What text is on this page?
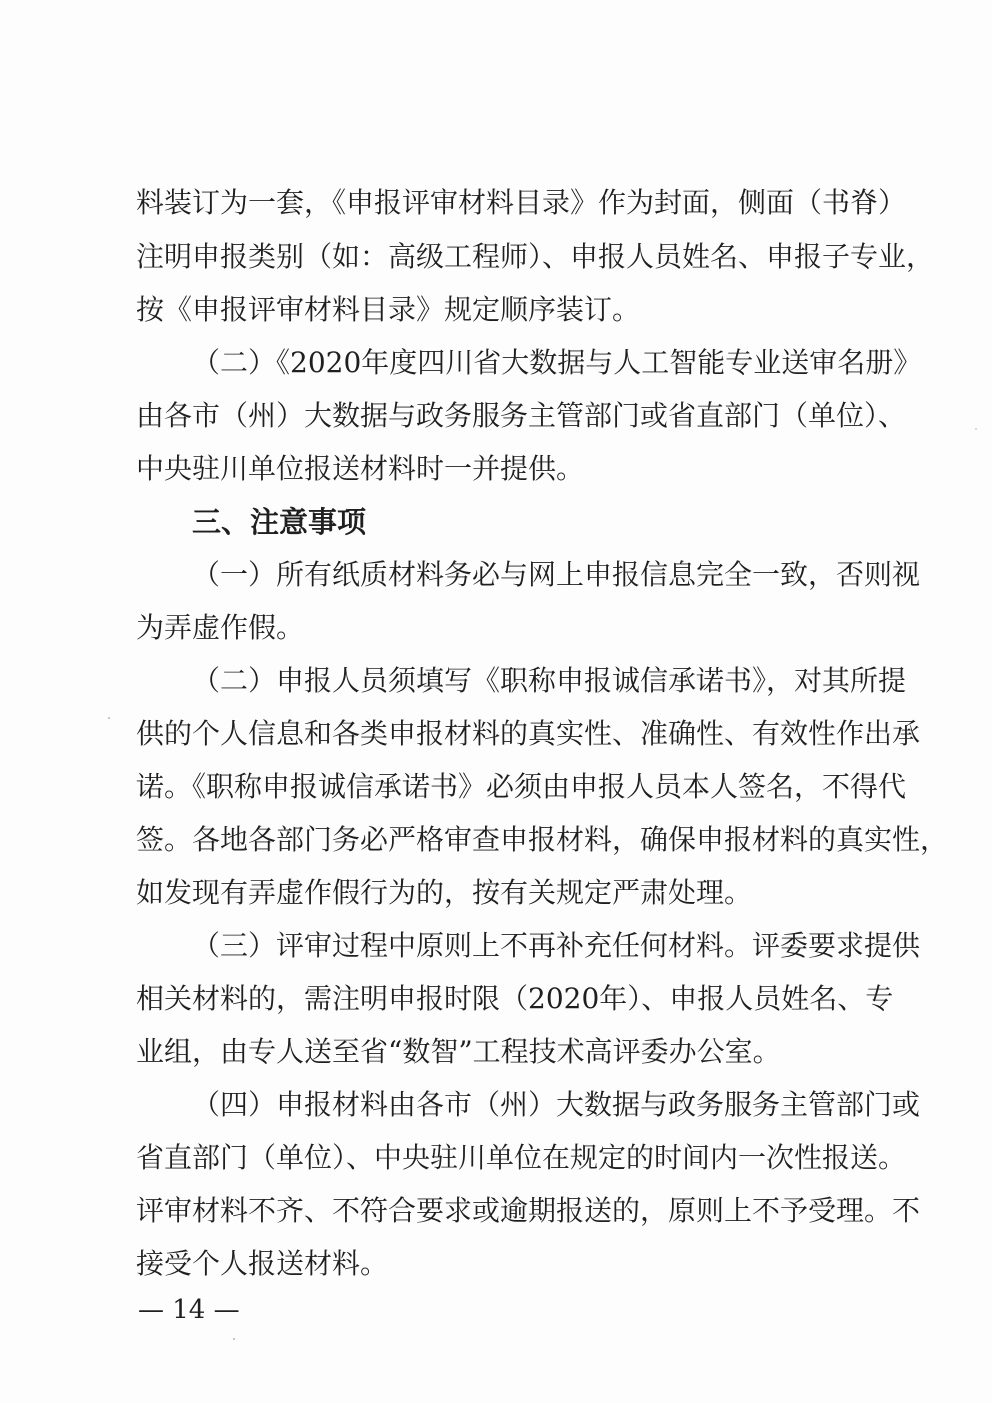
料装订为一套，《申报评审材料目录》作为封面，侧面（书脊）
注明申报类别（如：高级工程师）、申报人员姓名、申报子专业，
按《申报评审材料目录》规定顺序装订。
（二）《2020年度四川省大数据与人工智能专业送审名册》
由各市（州）大数据与政务服务主管部门或省直部门（单位）、
中央驻川单位报送材料时一并提供。
三、注意事项
（一）所有纸质材料务必与网上申报信息完全一致，否则视
为弄虚作假。
（二）申报人员须填写《职称申报诚信承诺书》，对其所提
供的个人信息和各类申报材料的真实性、准确性、有效性作出承
诺。《职称申报诚信承诺书》必须由申报人员本人签名，不得代
签。各地各部门务必严格审查申报材料，确保申报材料的真实性，
如发现有弄虚作假行为的，按有关规定严肃处理。
（三）评审过程中原则上不再补充任何材料。评委要求提供
相关材料的，需注明申报时限（2020年）、申报人员姓名、专
业组，由专人送至省“数智”工程技术高评委办公室。
（四）申报材料由各市（州）大数据与政务服务主管部门或
省直部门（单位）、中央驻川单位在规定的时间内一次性报送。
评审材料不齐、不符合要求或逾期报送的，原则上不予受理。不
接受个人报送材料。
— 14 —
